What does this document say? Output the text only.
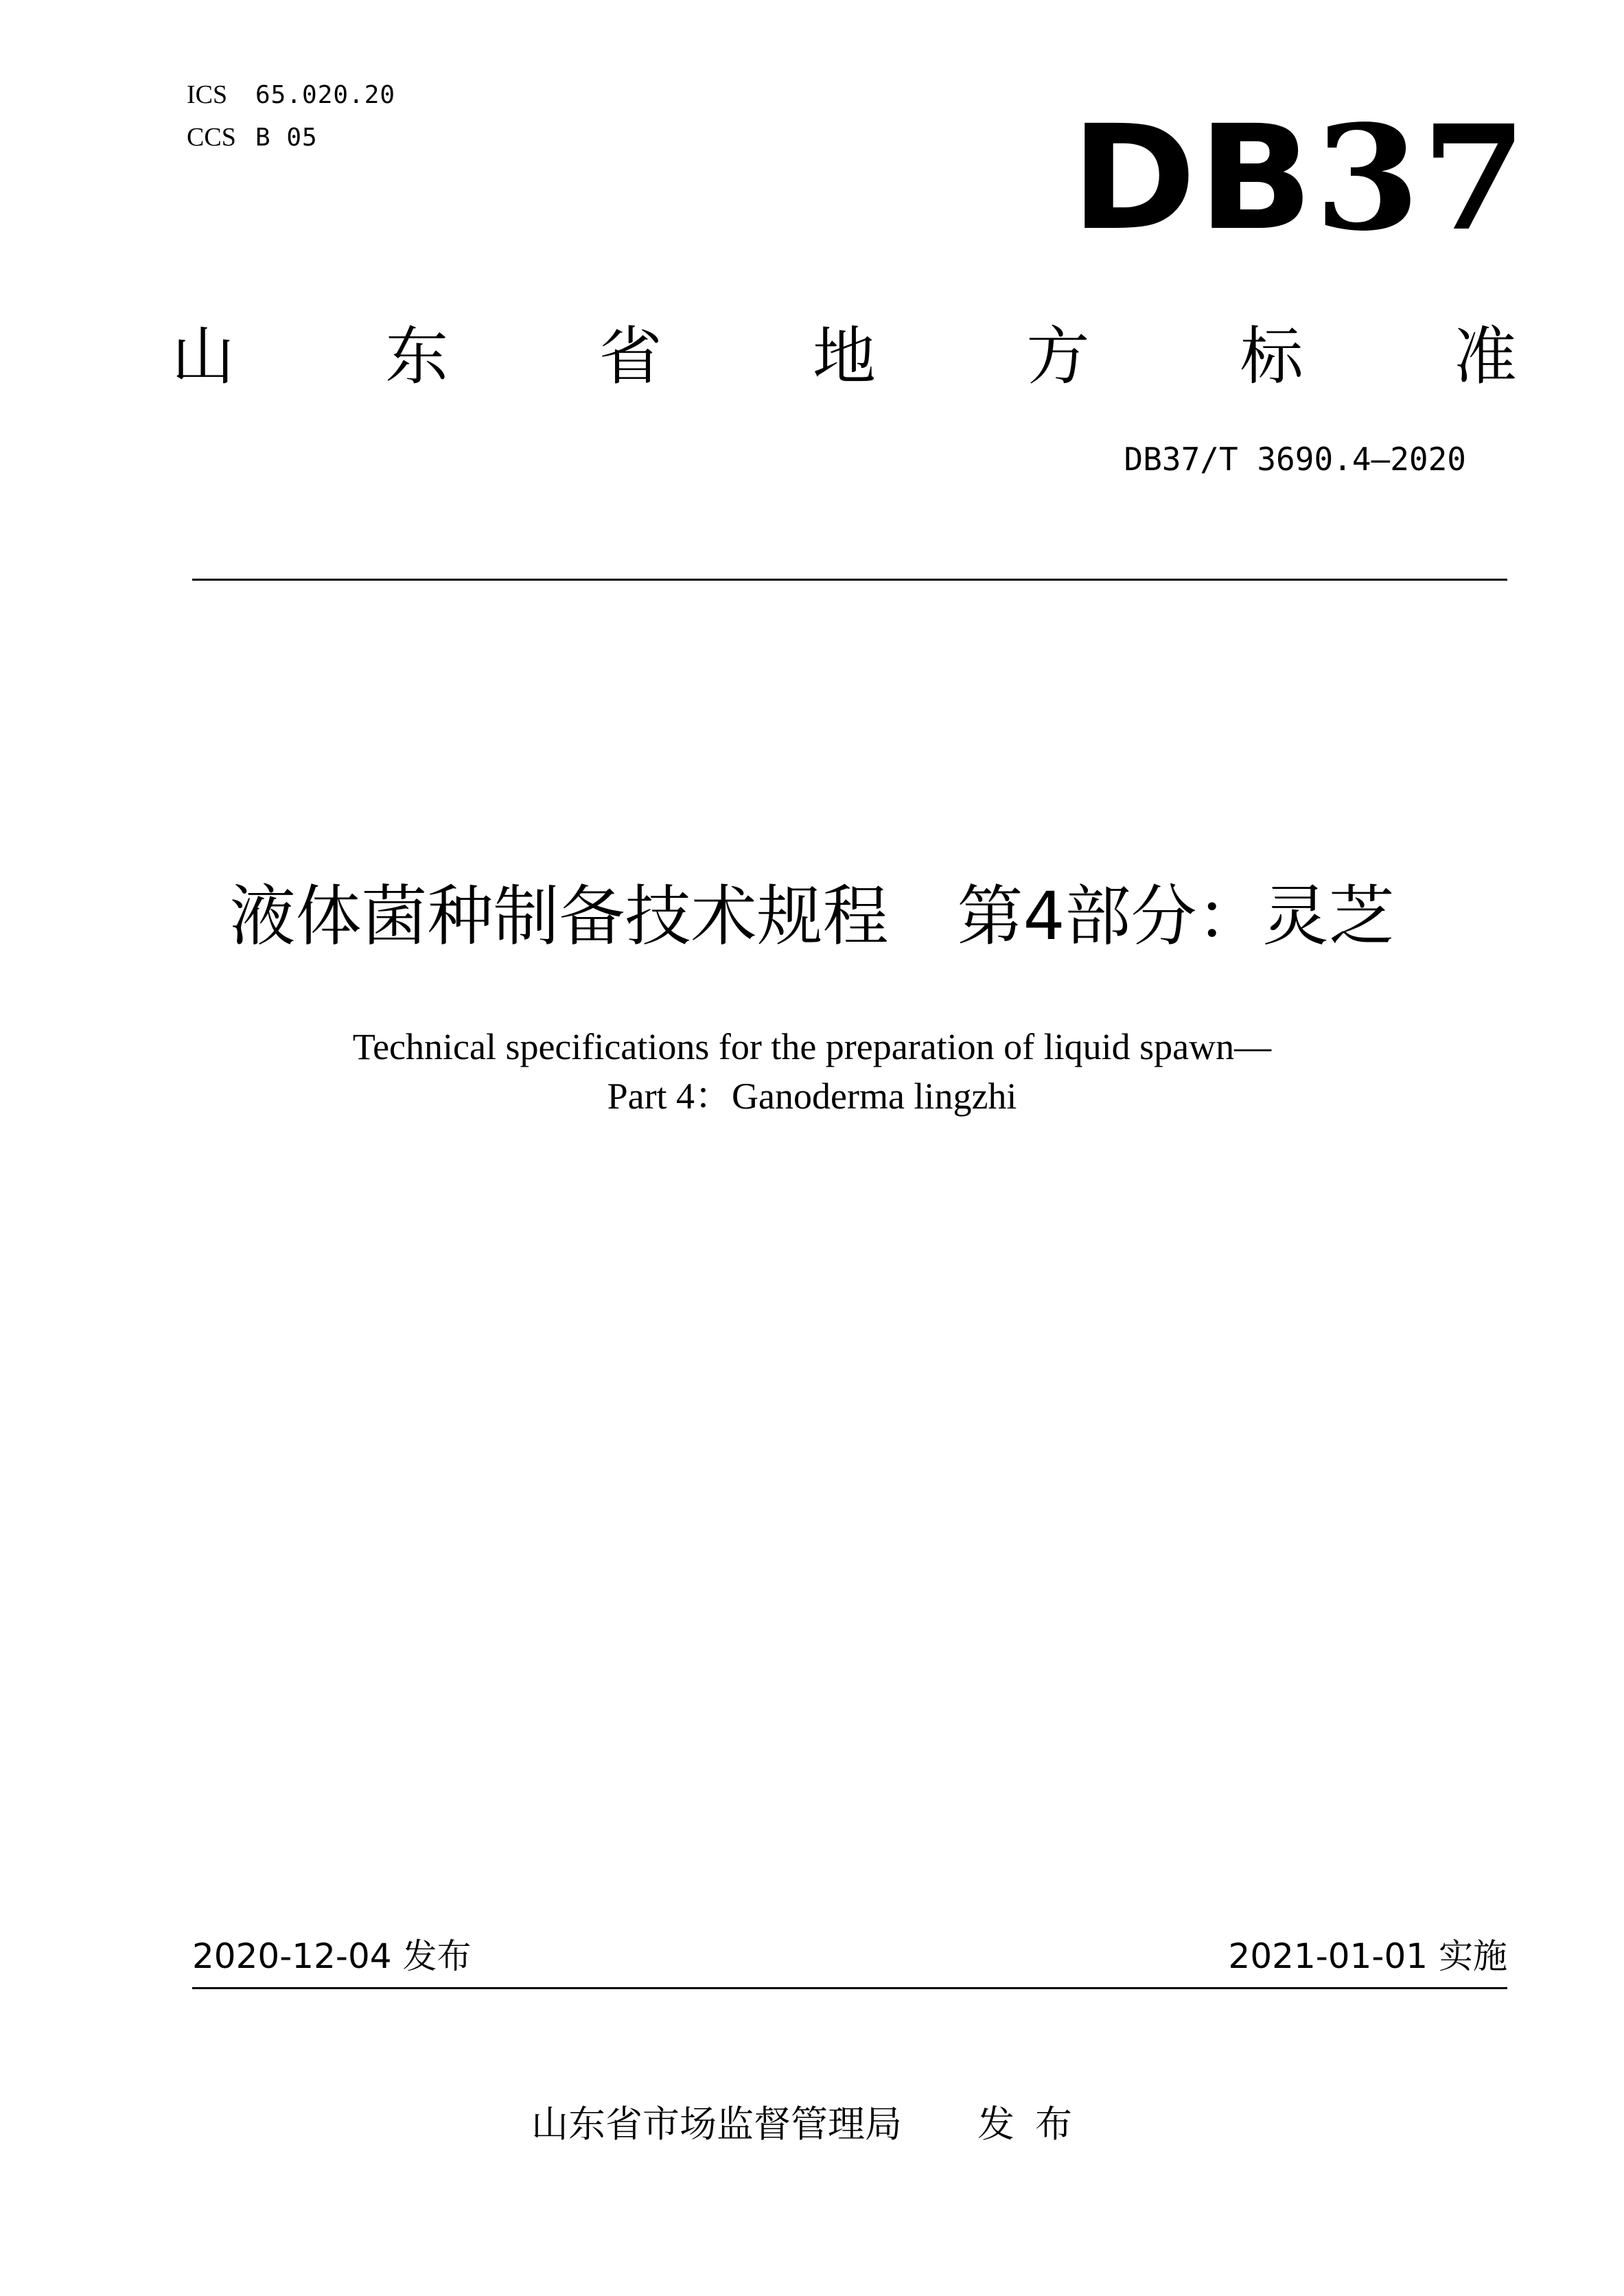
ICS	65.020.20
CCS B 05	DB 37
山 东 省 地 方 标 准
DB37/T 3690.4—2020
液体菌种制备技术规程 第4部分：灵芝
Technical specifications for the preparation of liquid spawn—
Part 4：Ganoderma lingzhi
2020-12-04 发布	2021-01-01 实施
山东省市场监督管理局 发布
